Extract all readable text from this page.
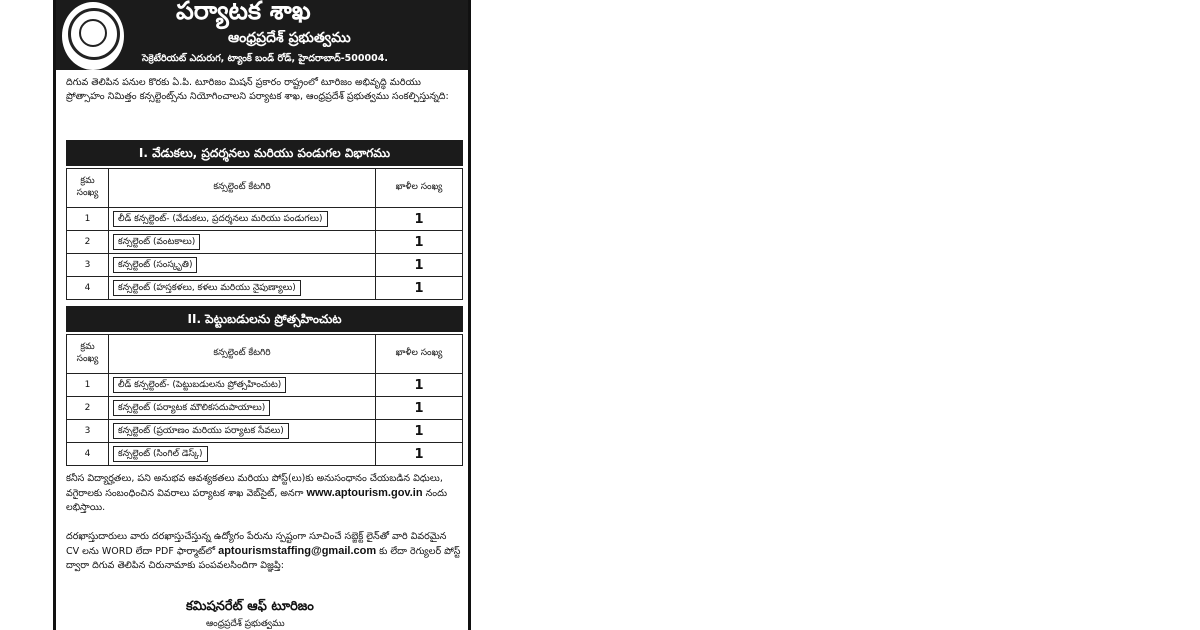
పర్యాటక శాఖ
ఆంధ్రప్రదేశ్ ప్రభుత్వము
సెక్రెటేరియట్ ఎదురుగ, ట్యాంక్ బండ్ రోడ్, హైదరాబాద్-500004.
దిగువ తెలిపిన పనుల కొరకు ఏ.పి. టూరిజం మిషన్ ప్రకారం రాష్ట్రంలో టూరిజం అభివృద్ధి మరియు ప్రోత్సాహం నిమిత్తం కన్సల్టెంట్స్‌ను నియోగించాలని పర్యాటక శాఖ, ఆంధ్రప్రదేశ్ ప్రభుత్వము సంకల్పిస్తున్నది:
I. వేడుకలు, ప్రదర్శనలు మరియు పండుగల విభాగము
క్రమ సంఖ్య	కన్సల్టెంట్ కేటగిరి	ఖాళీల సంఖ్య
1	లీడ్ కన్సల్టెంట్- (వేడుకలు, ప్రదర్శనలు మరియు పండుగలు)	1
2	కన్సల్టెంట్ (వంటకాలు)	1
3	కన్సల్టెంట్ (సంస్కృతి)	1
4	కన్సల్టెంట్ (హస్తకళలు, కళలు మరియు నైపుణ్యాలు)	1
II. పెట్టుబడులను ప్రోత్సహించుట
క్రమ సంఖ్య	కన్సల్టెంట్ కేటగిరి	ఖాళీల సంఖ్య
1	లీడ్ కన్సల్టెంట్- (పెట్టుబడులను ప్రోత్సహించుట)	1
2	కన్సల్టెంట్ (పర్యాటక మౌలికసదుపాయాలు)	1
3	కన్సల్టెంట్ (ప్రయాణం మరియు పర్యాటక సేవలు)	1
4	కన్సల్టెంట్ (సింగిల్ డెస్క్)	1
కనీస విద్యార్హతలు, పని అనుభవ ఆవశ్యకతలు మరియు పోస్ట్(లు)కు అనుసంధానం చేయబడిన విధులు, వగైరాలకు సంబంధించిన వివరాలు పర్యాటక శాఖ వెబ్‌సైట్, అనగా www.aptourism.gov.in నందు లభిస్తాయి.
దరఖాస్తుదారులు వారు దరఖాస్తుచేస్తున్న ఉద్యోగం పేరును స్పష్టంగా సూచించే సబ్జెక్ట్ లైన్‌తో వారి వివరమైన CV లను WORD లేదా PDF ఫార్మాట్‌లో aptourismstaffing@gmail.com కు లేదా రెగ్యులర్ పోస్ట్ ద్వారా దిగువ తెలిపిన చిరునామాకు పంపవలసిందిగా విజ్ఞప్తి:
కమిషనరేట్ ఆఫ్ టూరిజం
ఆంధ్రప్రదేశ్ ప్రభుత్వము
